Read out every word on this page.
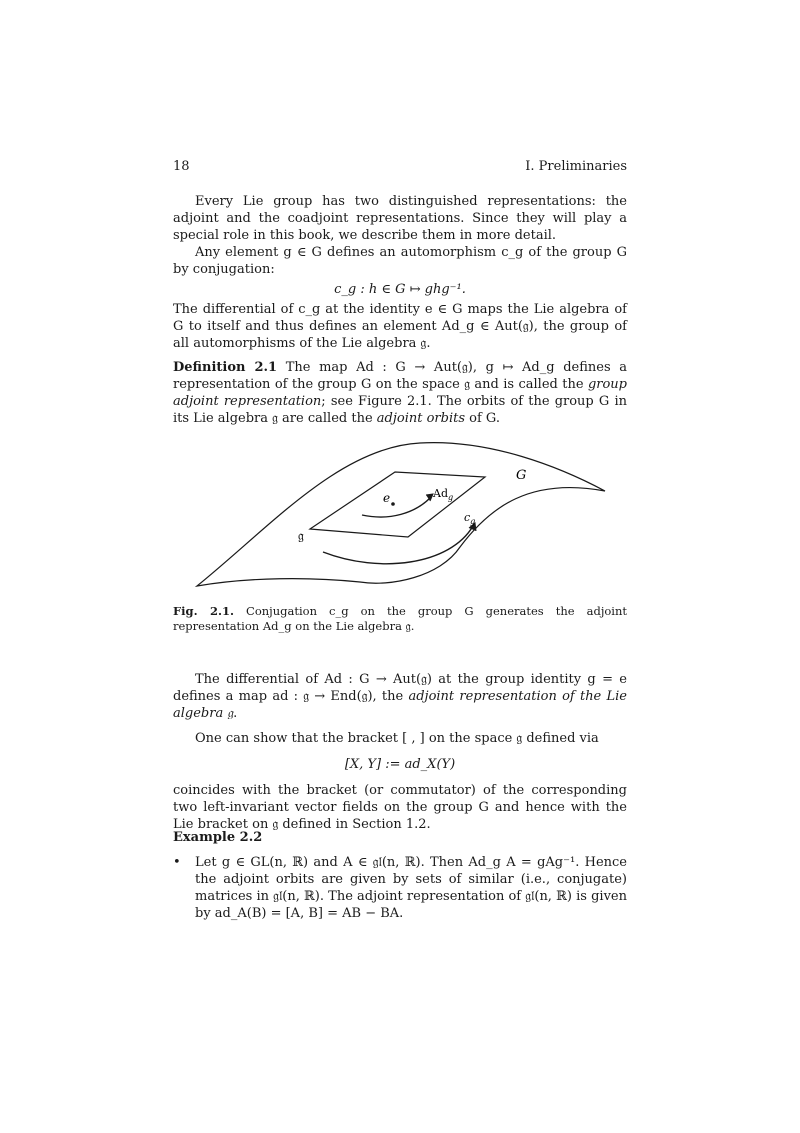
18	I. Preliminaries

Every Lie group has two distinguished representations: the adjoint and the coadjoint representations. Since they will play a special role in this book, we describe them in more detail.

Any element g ∈ G defines an automorphism c_g of the group G by conjugation:

c_g : h ∈ G ↦ ghg⁻¹.

The differential of c_g at the identity e ∈ G maps the Lie algebra of G to itself and thus defines an element Ad_g ∈ Aut(𝔤), the group of all automorphisms of the Lie algebra 𝔤.

Definition 2.1 The map Ad : G → Aut(𝔤), g ↦ Ad_g defines a representation of the group G on the space 𝔤 and is called the group adjoint representation; see Figure 2.1. The orbits of the group G in its Lie algebra 𝔤 are called the adjoint orbits of G.

G
𝔤
e	$Ad_g$
$c_g$
Fig. 2.1. Conjugation c_g on the group G generates the adjoint representation Ad_g on the Lie algebra 𝔤.

The differential of Ad : G → Aut(𝔤) at the group identity g = e defines a map ad : 𝔤 → End(𝔤), the adjoint representation of the Lie algebra 𝔤.

One can show that the bracket [ , ] on the space 𝔤 defined via

[X, Y] := ad_X(Y)

coincides with the bracket (or commutator) of the corresponding two left-invariant vector fields on the group G and hence with the Lie bracket on 𝔤 defined in Section 1.2.

Example 2.2
•	Let g ∈ GL(n, ℝ) and A ∈ 𝔤𝔩(n, ℝ). Then Ad_g A = gAg⁻¹. Hence the adjoint orbits are given by sets of similar (i.e., conjugate) matrices in 𝔤𝔩(n, ℝ). The adjoint representation of 𝔤𝔩(n, ℝ) is given by ad_A(B) = [A, B] = AB − BA.
